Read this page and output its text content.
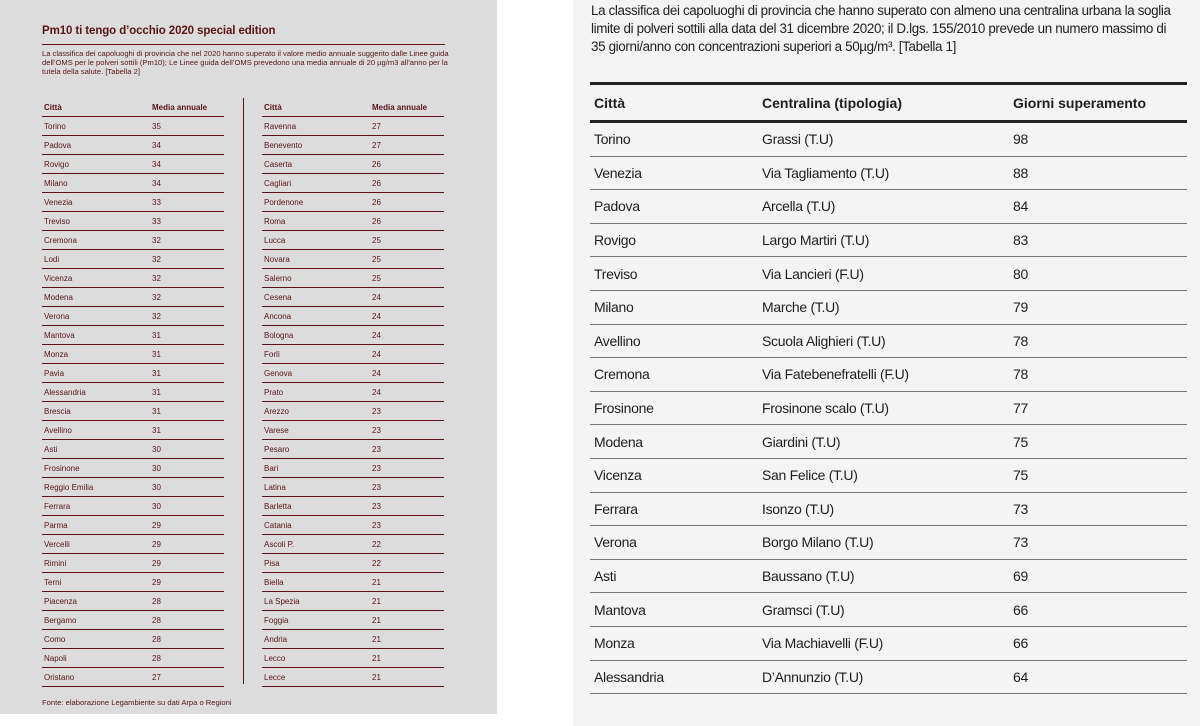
Pm10 ti tengo d’occhio 2020 special edition

La classifica dei capoluoghi di provincia che nel 2020 hanno superato il valore medio annuale suggerito dalle Linee guida dell’OMS per le polveri sottili (Pm10); Le Linee guida dell’OMS prevedono una media annuale di 20 µg/m3 all’anno per la tutela della salute. [Tabella 2]

Città	Media annuale
Torino	35
Padova	34
Rovigo	34
Milano	34
Venezia	33
Treviso	33
Cremona	32
Lodi	32
Vicenza	32
Modena	32
Verona	32
Mantova	31
Monza	31
Pavia	31
Alessandria	31
Brescia	31
Avellino	31
Asti	30
Frosinone	30
Reggio Emilia	30
Ferrara	30
Parma	29
Vercelli	29
Rimini	29
Terni	29
Piacenza	28
Bergamo	28
Como	28
Napoli	28
Oristano	27
Città	Media annuale
Ravenna	27
Benevento	27
Caserta	26
Cagliari	26
Pordenone	26
Roma	26
Lucca	25
Novara	25
Salerno	25
Cesena	24
Ancona	24
Bologna	24
Forlì	24
Genova	24
Prato	24
Arezzo	23
Varese	23
Pesaro	23
Bari	23
Latina	23
Barletta	23
Catania	23
Ascoli P.	22
Pisa	22
Biella	21
La Spezia	21
Foggia	21
Andria	21
Lecco	21
Lecce	21

Fonte: elaborazione Legambiente su dati Arpa o Regioni

La classifica dei capoluoghi di provincia che hanno superato con almeno una centralina urbana la soglia limite di polveri sottili alla data del 31 dicembre 2020; il D.lgs. 155/2010 prevede un numero massimo di 35 giorni/anno con concentrazioni superiori a 50µg/m³. [Tabella 1]

Città	Centralina (tipologia)	Giorni superamento
Torino	Grassi (T.U)	98
Venezia	Via Tagliamento (T.U)	88
Padova	Arcella (T.U)	84
Rovigo	Largo Martiri (T.U)	83
Treviso	Via Lancieri (F.U)	80
Milano	Marche (T.U)	79
Avellino	Scuola Alighieri (T.U)	78
Cremona	Via Fatebenefratelli (F.U)	78
Frosinone	Frosinone scalo (T.U)	77
Modena	Giardini (T.U)	75
Vicenza	San Felice (T.U)	75
Ferrara	Isonzo (T.U)	73
Verona	Borgo Milano (T.U)	73
Asti	Baussano (T.U)	69
Mantova	Gramsci (T.U)	66
Monza	Via Machiavelli (F.U)	66
Alessandria	D’Annunzio (T.U)	64
